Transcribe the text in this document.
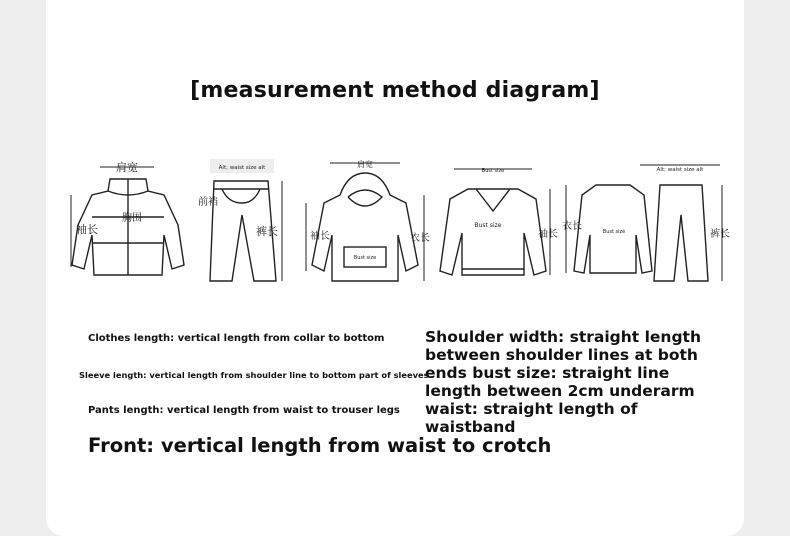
[measurement method diagram]
肩宽
胸围
袖长
Alt; waist size alt
前裆
裤长
肩宽
Bust size
袖长	衣长
Bust size
Bust size
袖长
Alt; waist size alt
Bust size
衣长
裤长
Clothes length: vertical length from collar to bottom
Sleeve length: vertical length from shoulder line to bottom part of sleeves
Pants length: vertical length from waist to trouser legs
Shoulder width: straight length between shoulder lines at both ends bust size: straight line length between 2cm underarm waist: straight length of waistband
Front: vertical length from waist to crotch
